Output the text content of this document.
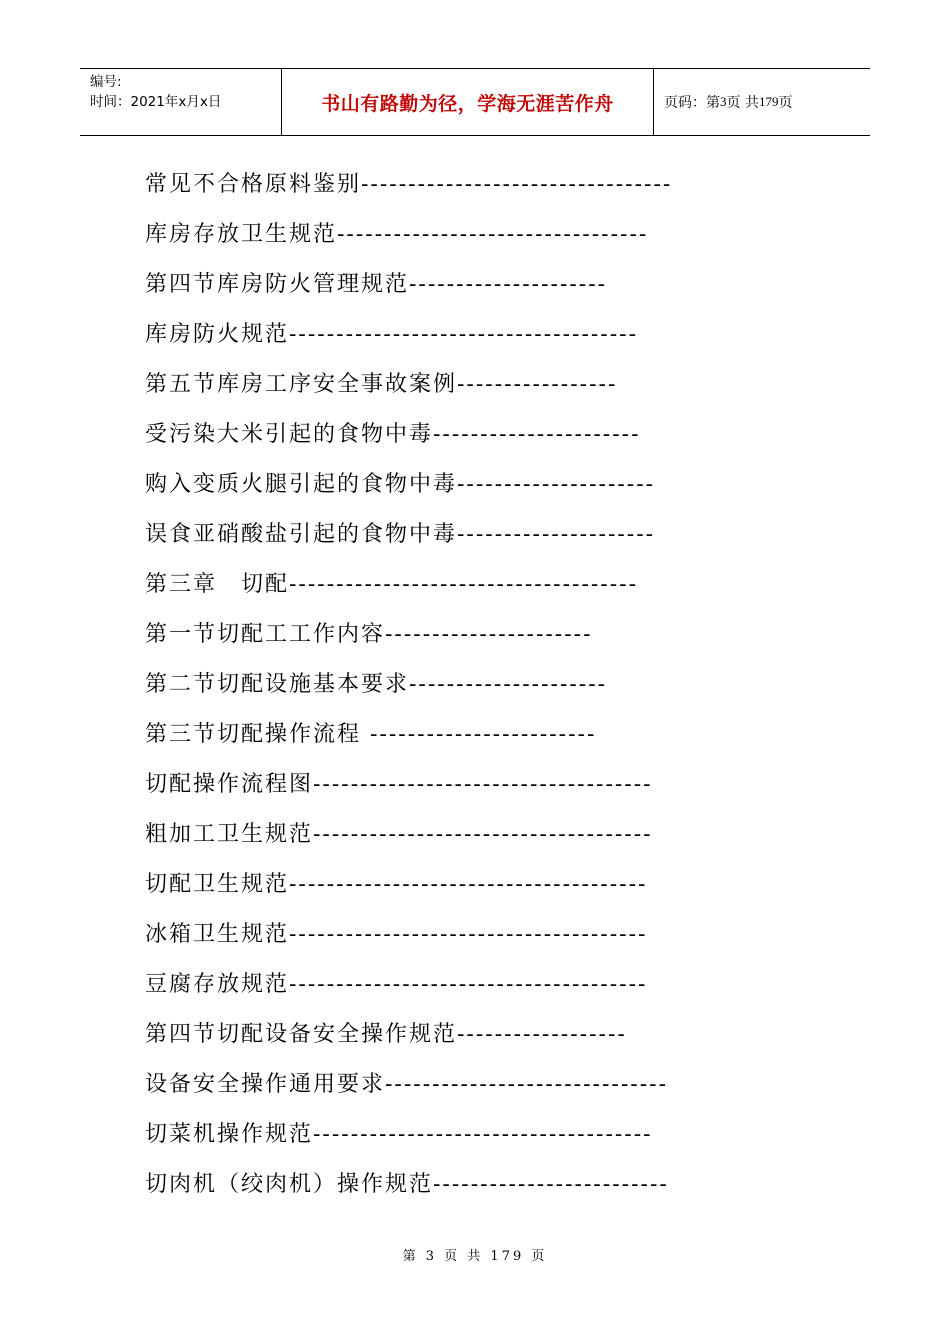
编号:
时间：2021年x月x日	书山有路勤为径，学海无涯苦作舟	页码：第 3 页 共 179 页
常见不合格原料鉴别---------------------------------
库房存放卫生规范---------------------------------
第四节库房防火管理规范---------------------
库房防火规范-------------------------------------
第五节库房工序安全事故案例-----------------
受污染大米引起的食物中毒----------------------
购入变质火腿引起的食物中毒---------------------
误食亚硝酸盐引起的食物中毒---------------------
第三章　切配-------------------------------------
第一节切配工工作内容----------------------
第二节切配设施基本要求---------------------
第三节切配操作流程 ------------------------
切配操作流程图------------------------------------
粗加工卫生规范------------------------------------
切配卫生规范--------------------------------------
冰箱卫生规范--------------------------------------
豆腐存放规范--------------------------------------
第四节切配设备安全操作规范------------------
设备安全操作通用要求------------------------------
切菜机操作规范------------------------------------
切肉机（绞肉机）操作规范-------------------------
第 3 页 共 179 页
